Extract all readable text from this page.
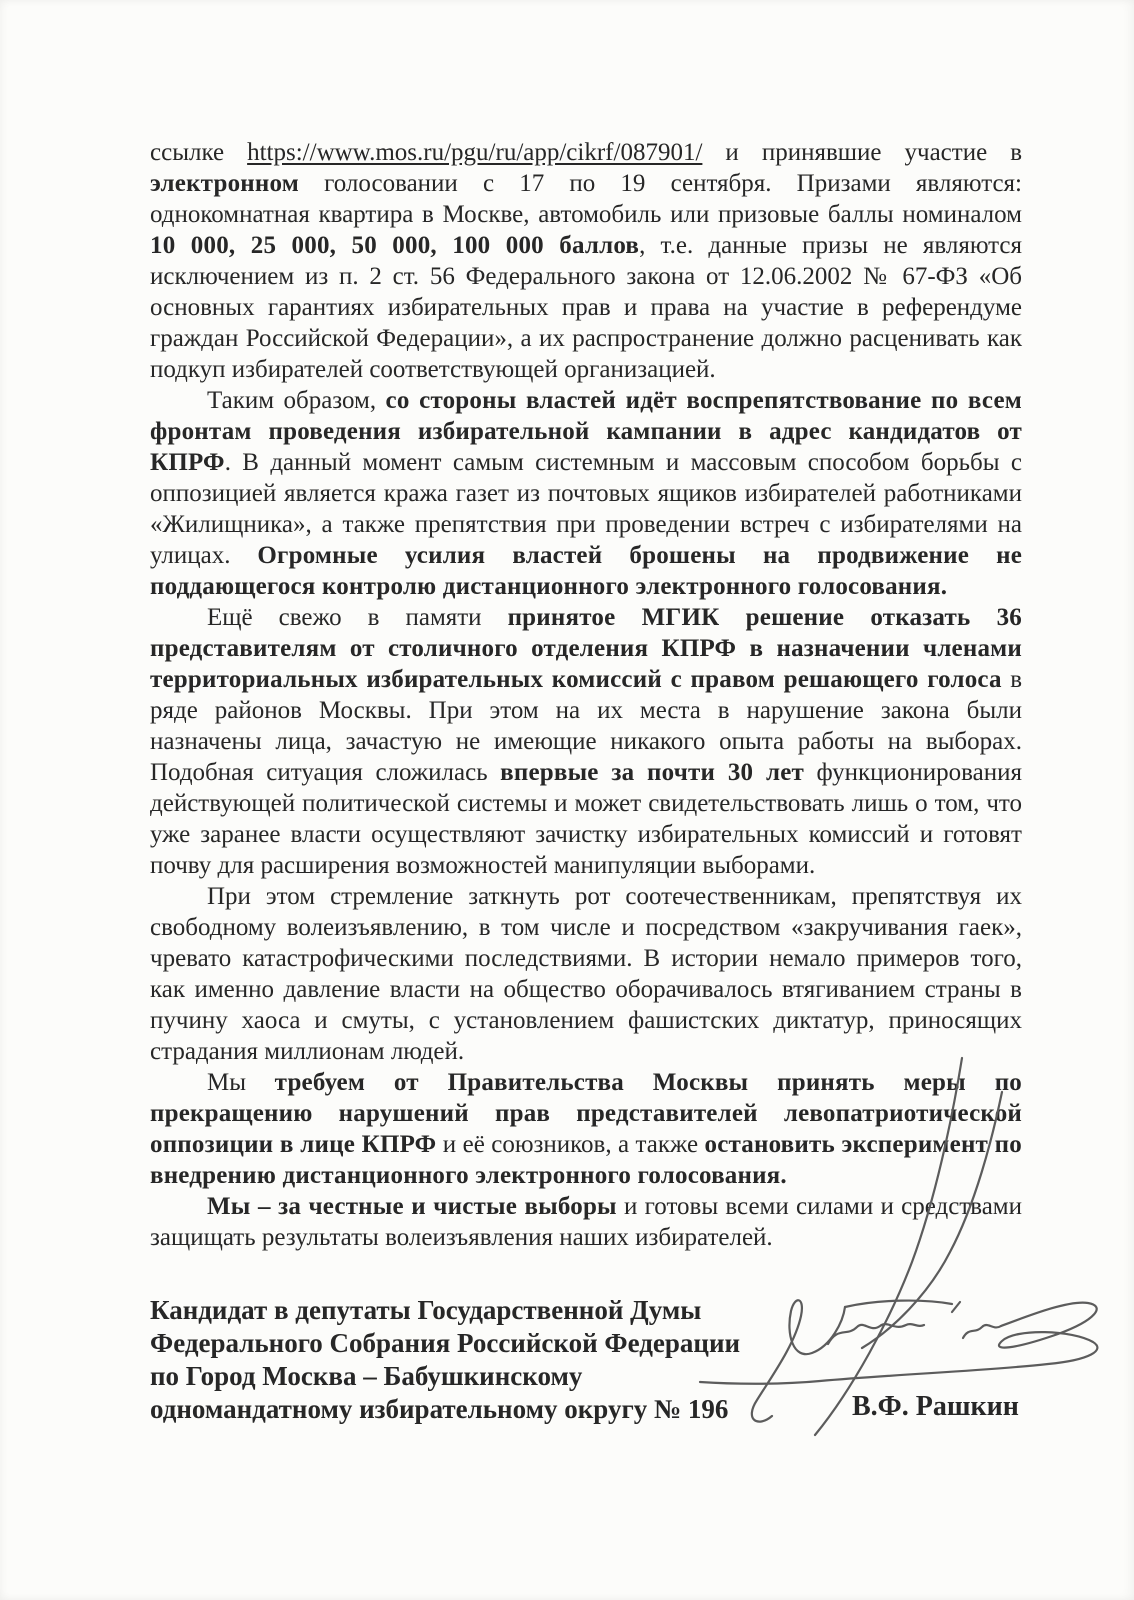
ссылке https://www.mos.ru/pgu/ru/app/cikrf/087901/ и принявшие участие в электронном голосовании с 17 по 19 сентября. Призами являются: однокомнатная квартира в Москве, автомобиль или призовые баллы номиналом 10 000, 25 000, 50 000, 100 000 баллов, т.е. данные призы не являются исключением из п. 2 ст. 56 Федерального закона от 12.06.2002 № 67-ФЗ «Об основных гарантиях избирательных прав и права на участие в референдуме граждан Российской Федерации», а их распространение должно расценивать как подкуп избирателей соответствующей организацией.

Таким образом, со стороны властей идёт воспрепятствование по всем фронтам проведения избирательной кампании в адрес кандидатов от КПРФ. В данный момент самым системным и массовым способом борьбы с оппозицией является кража газет из почтовых ящиков избирателей работниками «Жилищника», а также препятствия при проведении встреч с избирателями на улицах. Огромные усилия властей брошены на продвижение не поддающегося контролю дистанционного электронного голосования.

Ещё свежо в памяти принятое МГИК решение отказать 36 представителям от столичного отделения КПРФ в назначении членами территориальных избирательных комиссий с правом решающего голоса в ряде районов Москвы. При этом на их места в нарушение закона были назначены лица, зачастую не имеющие никакого опыта работы на выборах. Подобная ситуация сложилась впервые за почти 30 лет функционирования действующей политической системы и может свидетельствовать лишь о том, что уже заранее власти осуществляют зачистку избирательных комиссий и готовят почву для расширения возможностей манипуляции выборами.

При этом стремление заткнуть рот соотечественникам, препятствуя их свободному волеизъявлению, в том числе и посредством «закручивания гаек», чревато катастрофическими последствиями. В истории немало примеров того, как именно давление власти на общество оборачивалось втягиванием страны в пучину хаоса и смуты, с установлением фашистских диктатур, приносящих страдания миллионам людей.

Мы требуем от Правительства Москвы принять меры по прекращению нарушений прав представителей левопатриотической оппозиции в лице КПРФ и её союзников, а также остановить эксперимент по внедрению дистанционного электронного голосования.

Мы – за честные и чистые выборы и готовы всеми силами и средствами защищать результаты волеизъявления наших избирателей.

Кандидат в депутаты Государственной Думы
Федерального Собрания Российской Федерации
по Город Москва – Бабушкинскому
одномандатному избирательному округу № 196	В.Ф. Рашкин
